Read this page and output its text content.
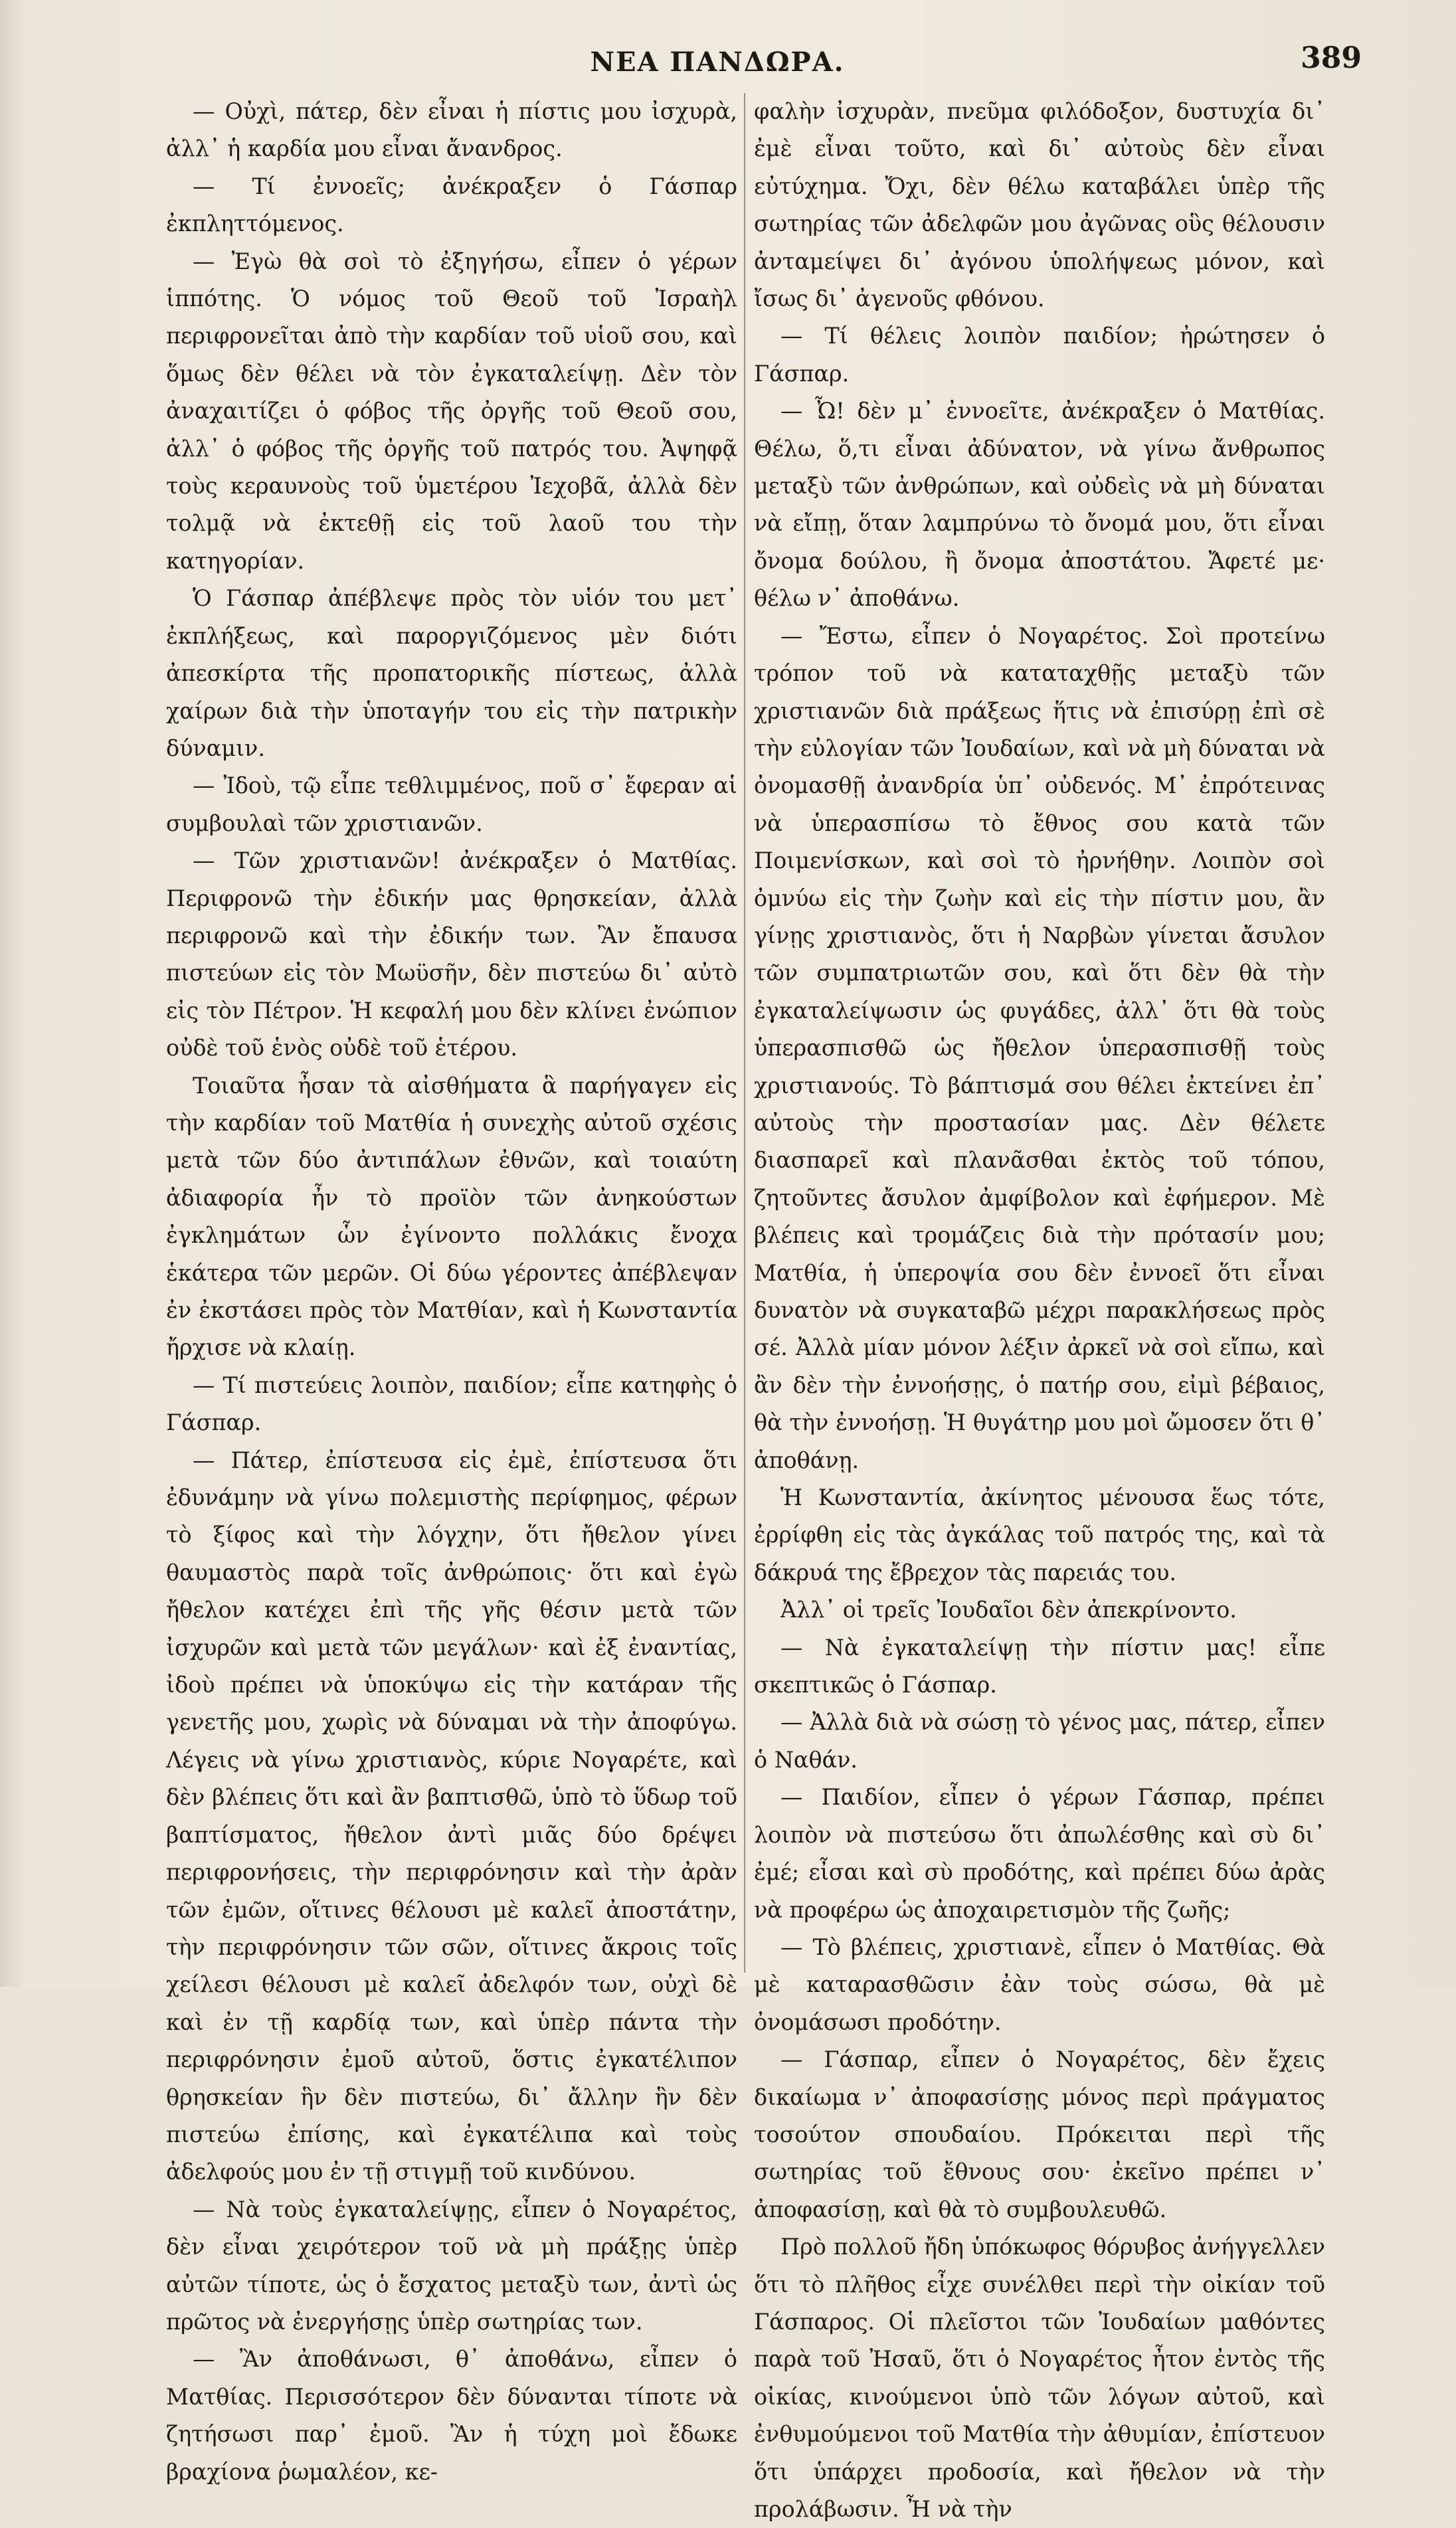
ΝΕΑ ΠΑΝΔΩΡΑ.	389

— Οὐχὶ, πάτερ, δὲν εἶναι ἡ πίστις μου ἰσχυρὰ, ἀλλ᾽ ἡ καρδία μου εἶναι ἄνανδρος.

— Τί ἐννοεῖς; ἀνέκραξεν ὁ Γάσπαρ ἐκπληττόμενος.

— Ἐγὼ θὰ σοὶ τὸ ἐξηγήσω, εἶπεν ὁ γέρων ἱππότης. Ὁ νόμος τοῦ Θεοῦ τοῦ Ἰσραὴλ περιφρονεῖται ἀπὸ τὴν καρδίαν τοῦ υἱοῦ σου, καὶ ὅμως δὲν θέλει νὰ τὸν ἐγκαταλείψῃ. Δὲν τὸν ἀναχαιτίζει ὁ φόβος τῆς ὀργῆς τοῦ Θεοῦ σου, ἀλλ᾽ ὁ φόβος τῆς ὀργῆς τοῦ πατρός του. Ἀψηφᾷ τοὺς κεραυνοὺς τοῦ ὑμετέρου Ἰεχοβᾶ, ἀλλὰ δὲν τολμᾷ νὰ ἐκτεθῇ εἰς τοῦ λαοῦ του τὴν κατηγορίαν.

Ὁ Γάσπαρ ἀπέβλεψε πρὸς τὸν υἱόν του μετ᾽ ἐκπλήξεως, καὶ παροργιζόμενος μὲν διότι ἀπεσκίρτα τῆς προπατορικῆς πίστεως, ἀλλὰ χαίρων διὰ τὴν ὑποταγήν του εἰς τὴν πατρικὴν δύναμιν.

— Ἰδοὺ, τῷ εἶπε τεθλιμμένος, ποῦ σ᾽ ἔφεραν αἱ συμβουλαὶ τῶν χριστιανῶν.

— Τῶν χριστιανῶν! ἀνέκραξεν ὁ Ματθίας. Περιφρονῶ τὴν ἐδικήν μας θρησκείαν, ἀλλὰ περιφρονῶ καὶ τὴν ἐδικήν των. Ἂν ἔπαυσα πιστεύων εἰς τὸν Μωϋσῆν, δὲν πιστεύω δι᾽ αὐτὸ εἰς τὸν Πέτρον. Ἡ κεφαλή μου δὲν κλίνει ἐνώπιον οὐδὲ τοῦ ἑνὸς οὐδὲ τοῦ ἑτέρου.

Τοιαῦτα ἦσαν τὰ αἰσθήματα ἃ παρήγαγεν εἰς τὴν καρδίαν τοῦ Ματθία ἡ συνεχὴς αὐτοῦ σχέσις μετὰ τῶν δύο ἀντιπάλων ἐθνῶν, καὶ τοιαύτη ἀδιαφορία ἦν τὸ προϊὸν τῶν ἀνηκούστων ἐγκλημάτων ὧν ἐγίνοντο πολλάκις ἔνοχα ἑκάτερα τῶν μερῶν. Οἱ δύω γέροντες ἀπέβλεψαν ἐν ἐκστάσει πρὸς τὸν Ματθίαν, καὶ ἡ Κωνσταντία ἤρχισε νὰ κλαίῃ.

— Τί πιστεύεις λοιπὸν, παιδίον; εἶπε κατηφὴς ὁ Γάσπαρ.

— Πάτερ, ἐπίστευσα εἰς ἐμὲ, ἐπίστευσα ὅτι ἐδυνάμην νὰ γίνω πολεμιστὴς περίφημος, φέρων τὸ ξίφος καὶ τὴν λόγχην, ὅτι ἤθελον γίνει θαυμαστὸς παρὰ τοῖς ἀνθρώποις· ὅτι καὶ ἐγὼ ἤθελον κατέχει ἐπὶ τῆς γῆς θέσιν μετὰ τῶν ἰσχυρῶν καὶ μετὰ τῶν μεγάλων· καὶ ἐξ ἐναντίας, ἰδοὺ πρέπει νὰ ὑποκύψω εἰς τὴν κατάραν τῆς γενετῆς μου, χωρὶς νὰ δύναμαι νὰ τὴν ἀποφύγω. Λέγεις νὰ γίνω χριστιανὸς, κύριε Νογαρέτε, καὶ δὲν βλέπεις ὅτι καὶ ἂν βαπτισθῶ, ὑπὸ τὸ ὕδωρ τοῦ βαπτίσματος, ἤθελον ἀντὶ μιᾶς δύο δρέψει περιφρονήσεις, τὴν περιφρόνησιν καὶ τὴν ἀρὰν τῶν ἐμῶν, οἵτινες θέλουσι μὲ καλεῖ ἀποστάτην, τὴν περιφρόνησιν τῶν σῶν, οἵτινες ἄκροις τοῖς χείλεσι θέλουσι μὲ καλεῖ ἀδελφόν των, οὐχὶ δὲ καὶ ἐν τῇ καρδίᾳ των, καὶ ὑπὲρ πάντα τὴν περιφρόνησιν ἐμοῦ αὐτοῦ, ὅστις ἐγκατέλιπον θρησκείαν ἣν δὲν πιστεύω, δι᾽ ἄλλην ἣν δὲν πιστεύω ἐπίσης, καὶ ἐγκατέλιπα καὶ τοὺς ἀδελφούς μου ἐν τῇ στιγμῇ τοῦ κινδύνου.

— Νὰ τοὺς ἐγκαταλείψῃς, εἶπεν ὁ Νογαρέτος, δὲν εἶναι χειρότερον τοῦ νὰ μὴ πράξῃς ὑπὲρ αὐτῶν τίποτε, ὡς ὁ ἔσχατος μεταξὺ των, ἀντὶ ὡς πρῶτος νὰ ἐνεργήσῃς ὑπὲρ σωτηρίας των.

— Ἂν ἀποθάνωσι, θ᾽ ἀποθάνω, εἶπεν ὁ Ματθίας. Περισσότερον δὲν δύνανται τίποτε νὰ ζητήσωσι παρ᾽ ἐμοῦ. Ἂν ἡ τύχη μοὶ ἔδωκε βραχίονα ῥωμαλέον, κε-

φαλὴν ἰσχυρὰν, πνεῦμα φιλόδοξον, δυστυχία δι᾽ ἐμὲ εἶναι τοῦτο, καὶ δι᾽ αὐτοὺς δὲν εἶναι εὐτύχημα. Ὄχι, δὲν θέλω καταβάλει ὑπὲρ τῆς σωτηρίας τῶν ἀδελφῶν μου ἀγῶνας οὓς θέλουσιν ἀνταμείψει δι᾽ ἀγόνου ὑπολήψεως μόνον, καὶ ἴσως δι᾽ ἀγενοῦς φθόνου.

— Τί θέλεις λοιπὸν παιδίον; ἠρώτησεν ὁ Γάσπαρ.

— Ὦ! δὲν μ᾽ ἐννοεῖτε, ἀνέκραξεν ὁ Ματθίας. Θέλω, ὅ,τι εἶναι ἀδύνατον, νὰ γίνω ἄνθρωπος μεταξὺ τῶν ἀνθρώπων, καὶ οὐδεὶς νὰ μὴ δύναται νὰ εἴπῃ, ὅταν λαμπρύνω τὸ ὄνομά μου, ὅτι εἶναι ὄνομα δούλου, ἢ ὄνομα ἀποστάτου. Ἄφετέ με· θέλω ν᾽ ἀποθάνω.

— Ἔστω, εἶπεν ὁ Νογαρέτος. Σοὶ προτείνω τρόπον τοῦ νὰ καταταχθῇς μεταξὺ τῶν χριστιανῶν διὰ πράξεως ἥτις νὰ ἐπισύρῃ ἐπὶ σὲ τὴν εὐλογίαν τῶν Ἰουδαίων, καὶ νὰ μὴ δύναται νὰ ὀνομασθῇ ἀνανδρία ὑπ᾽ οὐδενός. Μ᾽ ἐπρότεινας νὰ ὑπερασπίσω τὸ ἔθνος σου κατὰ τῶν Ποιμενίσκων, καὶ σοὶ τὸ ἠρνήθην. Λοιπὸν σοὶ ὀμνύω εἰς τὴν ζωὴν καὶ εἰς τὴν πίστιν μου, ἂν γίνῃς χριστιανὸς, ὅτι ἡ Ναρβὼν γίνεται ἄσυλον τῶν συμπατριωτῶν σου, καὶ ὅτι δὲν θὰ τὴν ἐγκαταλείψωσιν ὡς φυγάδες, ἀλλ᾽ ὅτι θὰ τοὺς ὑπερασπισθῶ ὡς ἤθελον ὑπερασπισθῇ τοὺς χριστιανούς. Τὸ βάπτισμά σου θέλει ἐκτείνει ἐπ᾽ αὐτοὺς τὴν προστασίαν μας. Δὲν θέλετε διασπαρεῖ καὶ πλανᾶσθαι ἐκτὸς τοῦ τόπου, ζητοῦντες ἄσυλον ἀμφίβολον καὶ ἐφήμερον. Μὲ βλέπεις καὶ τρομάζεις διὰ τὴν πρότασίν μου; Ματθία, ἡ ὑπεροψία σου δὲν ἐννοεῖ ὅτι εἶναι δυνατὸν νὰ συγκαταβῶ μέχρι παρακλήσεως πρὸς σέ. Ἀλλὰ μίαν μόνον λέξιν ἀρκεῖ νὰ σοὶ εἴπω, καὶ ἂν δὲν τὴν ἐννοήσῃς, ὁ πατήρ σου, εἰμὶ βέβαιος, θὰ τὴν ἐννοήσῃ. Ἡ θυγάτηρ μου μοὶ ὤμοσεν ὅτι θ᾽ ἀποθάνῃ.

Ἡ Κωνσταντία, ἀκίνητος μένουσα ἕως τότε, ἐρρίφθη εἰς τὰς ἀγκάλας τοῦ πατρός της, καὶ τὰ δάκρυά της ἔβρεχον τὰς παρειάς του.

Ἀλλ᾽ οἱ τρεῖς Ἰουδαῖοι δὲν ἀπεκρίνοντο.

— Νὰ ἐγκαταλείψῃ τὴν πίστιν μας! εἶπε σκεπτικῶς ὁ Γάσπαρ.

— Ἀλλὰ διὰ νὰ σώσῃ τὸ γένος μας, πάτερ, εἶπεν ὁ Ναθάν.

— Παιδίον, εἶπεν ὁ γέρων Γάσπαρ, πρέπει λοιπὸν νὰ πιστεύσω ὅτι ἀπωλέσθης καὶ σὺ δι᾽ ἐμέ; εἶσαι καὶ σὺ προδότης, καὶ πρέπει δύω ἀρὰς νὰ προφέρω ὡς ἀποχαιρετισμὸν τῆς ζωῆς;

— Τὸ βλέπεις, χριστιανὲ, εἶπεν ὁ Ματθίας. Θὰ μὲ καταρασθῶσιν ἐὰν τοὺς σώσω, θὰ μὲ ὀνομάσωσι προδότην.

— Γάσπαρ, εἶπεν ὁ Νογαρέτος, δὲν ἔχεις δικαίωμα ν᾽ ἀποφασίσῃς μόνος περὶ πράγματος τοσούτον σπουδαίου. Πρόκειται περὶ τῆς σωτηρίας τοῦ ἔθνους σου· ἐκεῖνο πρέπει ν᾽ ἀποφασίσῃ, καὶ θὰ τὸ συμβουλευθῶ.

Πρὸ πολλοῦ ἤδη ὑπόκωφος θόρυβος ἀνήγγελλεν ὅτι τὸ πλῆθος εἶχε συνέλθει περὶ τὴν οἰκίαν τοῦ Γάσπαρος. Οἱ πλεῖστοι τῶν Ἰουδαίων μαθόντες παρὰ τοῦ Ἠσαῦ, ὅτι ὁ Νογαρέτος ἦτον ἐντὸς τῆς οἰκίας, κινούμενοι ὑπὸ τῶν λόγων αὐτοῦ, καὶ ἐνθυμούμενοι τοῦ Ματθία τὴν ἀθυμίαν, ἐπίστευον ὅτι ὑπάρχει προδοσία, καὶ ἤθελον νὰ τὴν προλάβωσιν. Ἦ νὰ τὴν
